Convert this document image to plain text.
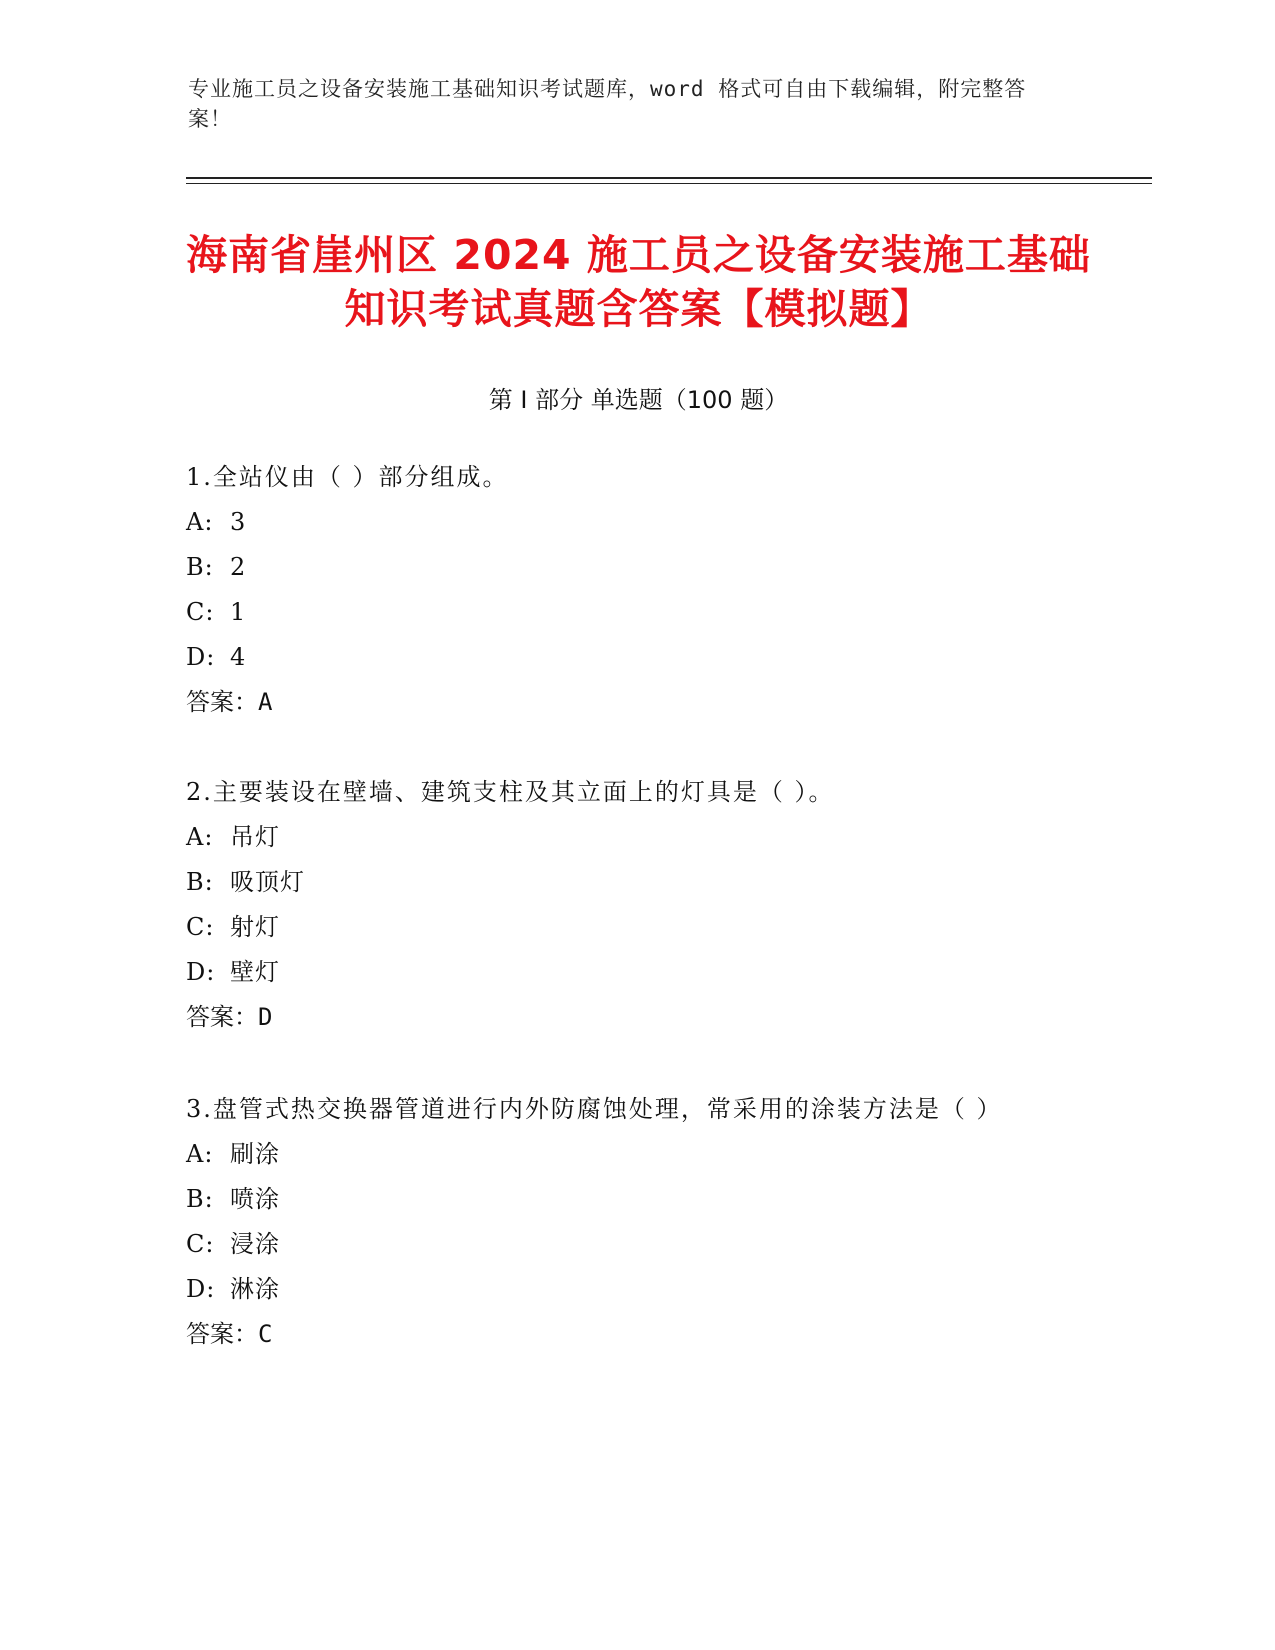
专业施工员之设备安装施工基础知识考试题库，word 格式可自由下载编辑，附完整答案！
海南省崖州区 2024 施工员之设备安装施工基础知识考试真题含答案【模拟题】
第 I 部分 单选题（100 题）
1.全站仪由（ ）部分组成。
A: 3
B: 2
C: 1
D: 4
答案：A
2.主要装设在壁墙、建筑支柱及其立面上的灯具是（ ）。
A: 吊灯
B: 吸顶灯
C: 射灯
D: 壁灯
答案：D
3.盘管式热交换器管道进行内外防腐蚀处理，常采用的涂装方法是（ ）
A: 刷涂
B: 喷涂
C: 浸涂
D: 淋涂
答案：C
